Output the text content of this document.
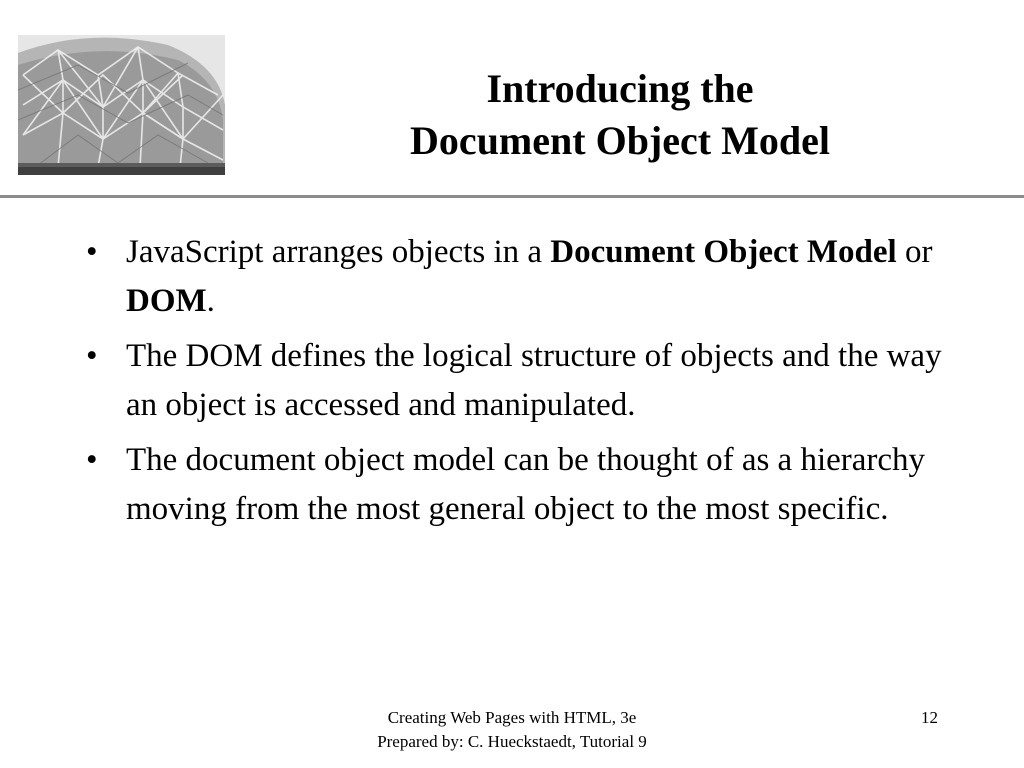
Introducing the
Document Object Model
• JavaScript arranges objects in a Document Object Model or DOM.
• The DOM defines the logical structure of objects and the way an object is accessed and manipulated.
• The document object model can be thought of as a hierarchy moving from the most general object to the most specific.
Creating Web Pages with HTML, 3e
Prepared by: C. Hueckstaedt, Tutorial 9
12
